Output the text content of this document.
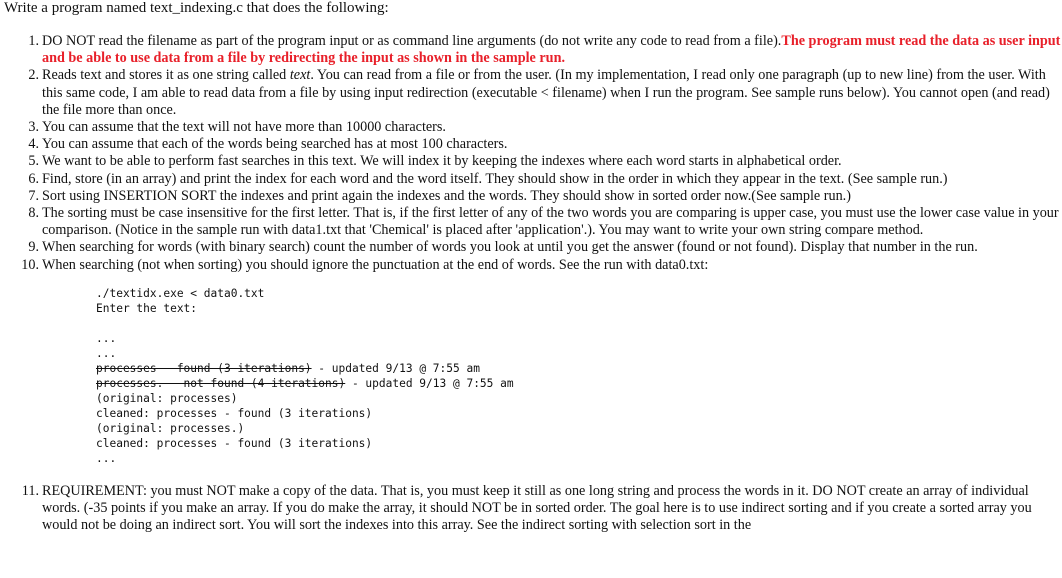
Write a program named text_indexing.c that does the following:
1. DO NOT read the filename as part of the program input or as command line arguments (do not write any code to read from a file).The program must read the data as user input and be able to use data from a file by redirecting the input as shown in the sample run.
2. Reads text and stores it as one string called text. You can read from a file or from the user. (In my implementation, I read only one paragraph (up to new line) from the user. With this same code, I am able to read data from a file by using input redirection (executable < filename) when I run the program. See sample runs below). You cannot open (and read) the file more than once.
3. You can assume that the text will not have more than 10000 characters.
4. You can assume that each of the words being searched has at most 100 characters.
5. We want to be able to perform fast searches in this text. We will index it by keeping the indexes where each word starts in alphabetical order.
6. Find, store (in an array) and print the index for each word and the word itself. They should show in the order in which they appear in the text. (See sample run.)
7. Sort using INSERTION SORT the indexes and print again the indexes and the words. They should show in sorted order now.(See sample run.)
8. The sorting must be case insensitive for the first letter. That is, if the first letter of any of the two words you are comparing is upper case, you must use the lower case value in your comparison. (Notice in the sample run with data1.txt that 'Chemical' is placed after 'application'.). You may want to write your own string compare method.
9. When searching for words (with binary search) count the number of words you look at until you get the answer (found or not found). Display that number in the run.
10. When searching (not when sorting) you should ignore the punctuation at the end of words. See the run with data0.txt:
./textidx.exe < data0.txt
Enter the text:
...
...
processes   found (3 iterations) - updated 9/13 @ 7:55 am
processes.   not found (4 iterations) - updated 9/13 @ 7:55 am
(original: processes)
cleaned: processes - found (3 iterations)
(original: processes.)
cleaned: processes - found (3 iterations)
...
11. REQUIREMENT: you must NOT make a copy of the data. That is, you must keep it still as one long string and process the words in it. DO NOT create an array of individual words. (-35 points if you make an array. If you do make the array, it should NOT be in sorted order. The goal here is to use indirect sorting and if you create a sorted array you would not be doing an indirect sort. You will sort the indexes into this array. See the indirect sorting with selection sort in the
